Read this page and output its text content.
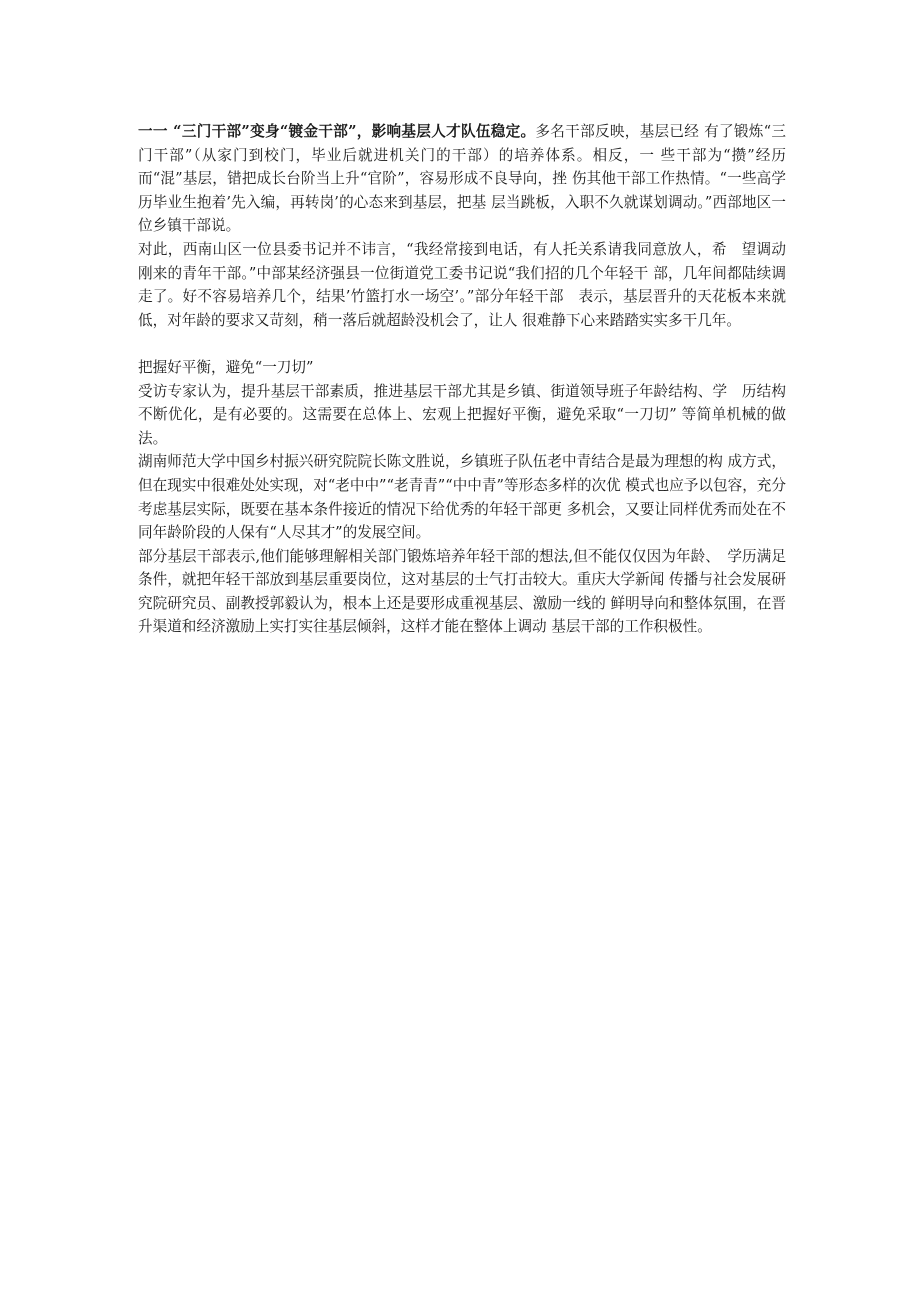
一一 “三门干部”变身“镀金干部”，影响基层人才队伍稳定。多名干部反映，基层已经 有了锻炼“三门干部”（从家门到校门，毕业后就进机关门的干部）的培养体系。相反，一 些干部为“攒”经历而“混”基层，错把成长台阶当上升“官阶”，容易形成不良导向，挫 伤其他干部工作热情。“一些高学历毕业生抱着’先入编，再转岗’的心态来到基层，把基 层当跳板，入职不久就谋划调动。”西部地区一位乡镇干部说。

对此，西南山区一位县委书记并不讳言，“我经常接到电话，有人托关系请我同意放人，希　望调动刚来的青年干部。”中部某经济强县一位街道党工委书记说“我们招的几个年轻干 部，几年间都陆续调走了。好不容易培养几个，结果’竹篮打水一场空’。”部分年轻干部　表示，基层晋升的天花板本来就低，对年龄的要求又苛刻，稍一落后就超龄没机会了，让人 很难静下心来踏踏实实多干几年。

把握好平衡，避免“一刀切”

受访专家认为，提升基层干部素质，推进基层干部尤其是乡镇、街道领导班子年龄结构、学　历结构不断优化，是有必要的。这需要在总体上、宏观上把握好平衡，避免采取“一刀切” 等简单机械的做法。

湖南师范大学中国乡村振兴研究院院长陈文胜说，乡镇班子队伍老中青结合是最为理想的构 成方式，但在现实中很难处处实现，对“老中中”“老青青”“中中青”等形态多样的次优 模式也应予以包容，充分考虑基层实际，既要在基本条件接近的情况下给优秀的年轻干部更 多机会，又要让同样优秀而处在不同年龄阶段的人保有“人尽其才”的发展空间。

部分基层干部表示,他们能够理解相关部门锻炼培养年轻干部的想法,但不能仅仅因为年龄、　学历满足条件，就把年轻干部放到基层重要岗位，这对基层的士气打击较大。重庆大学新闻 传播与社会发展研究院研究员、副教授郭毅认为，根本上还是要形成重视基层、激励一线的 鲜明导向和整体氛围，在晋升渠道和经济激励上实打实往基层倾斜，这样才能在整体上调动 基层干部的工作积极性。
